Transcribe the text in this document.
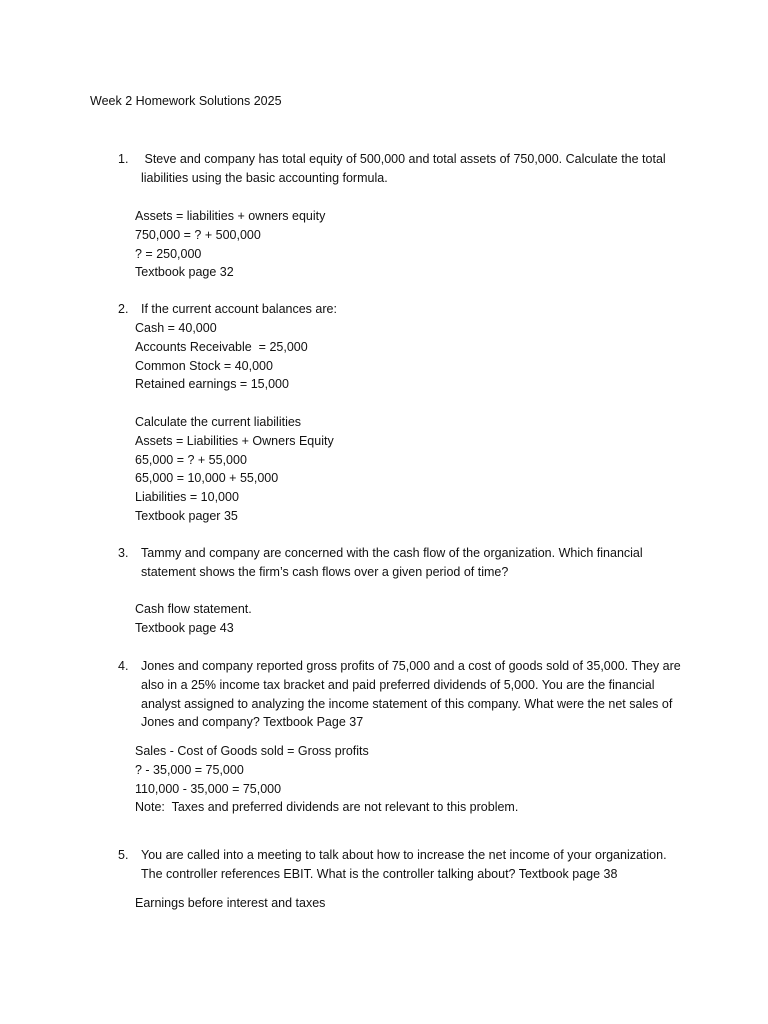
Week 2 Homework Solutions 2025
1.	Steve and company has total equity of 500,000 and total assets of 750,000. Calculate the total liabilities using the basic accounting formula.
Assets = liabilities + owners equity
750,000 = ? + 500,000
? = 250,000
Textbook page 32
2.	If the current account balances are:
Cash = 40,000
Accounts Receivable  = 25,000
Common Stock = 40,000
Retained earnings = 15,000
Calculate the current liabilities
Assets = Liabilities + Owners Equity
65,000 = ? + 55,000
65,000 = 10,000 + 55,000
Liabilities = 10,000
Textbook pager 35
3.	Tammy and company are concerned with the cash flow of the organization. Which financial statement shows the firm’s cash flows over a given period of time?
Cash flow statement.
Textbook page 43
4.	Jones and company reported gross profits of 75,000 and a cost of goods sold of 35,000. They are also in a 25% income tax bracket and paid preferred dividends of 5,000. You are the financial analyst assigned to analyzing the income statement of this company. What were the net sales of Jones and company? Textbook Page 37
Sales - Cost of Goods sold = Gross profits
? - 35,000 = 75,000
110,000 - 35,000 = 75,000
Note:  Taxes and preferred dividends are not relevant to this problem.
5.	You are called into a meeting to talk about how to increase the net income of your organization. The controller references EBIT. What is the controller talking about? Textbook page 38
Earnings before interest and taxes
